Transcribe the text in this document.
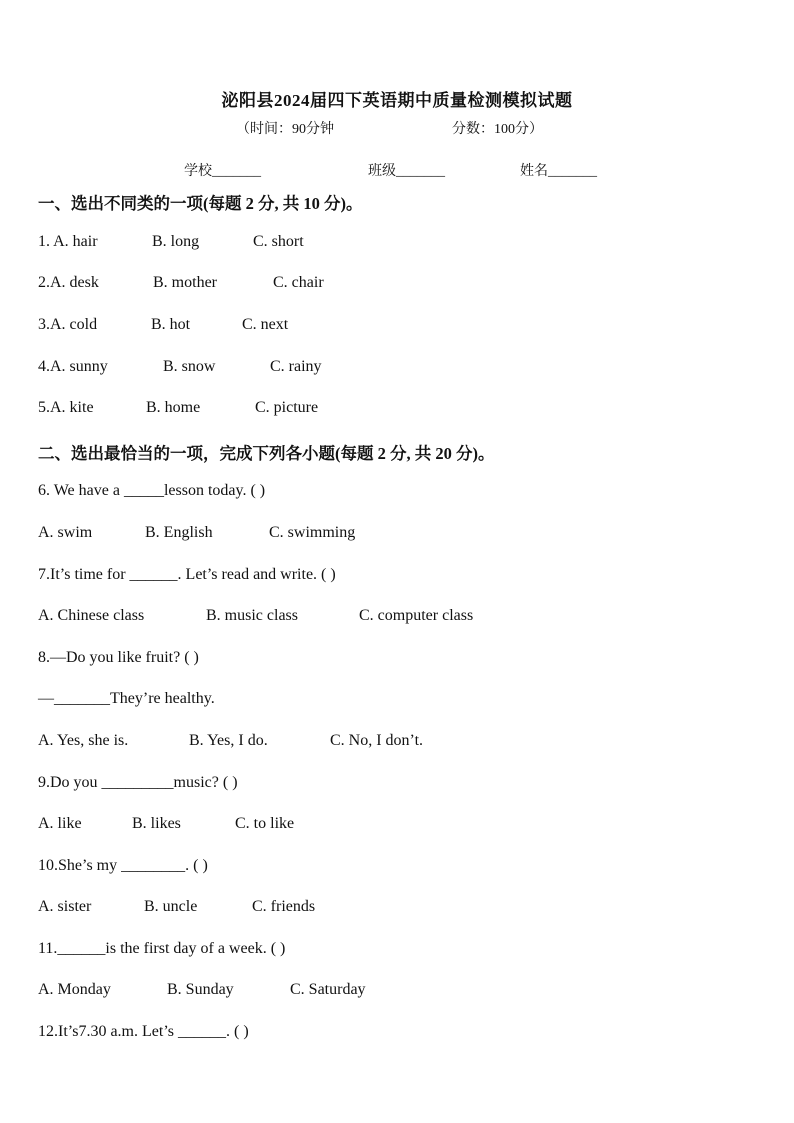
泌阳县2024届四下英语期中质量检测模拟试题
（时间：90分钟	分数：100分）
学校_______	班级_______	姓名_______
一、选出不同类的一项(每题 2 分, 共 10 分)。
1. A. hair	B. long	C. short
2.A. desk	B. mother	C. chair
3.A. cold	B. hot	C. next
4.A. sunny	B. snow	C. rainy
5.A. kite	B. home	C. picture
二、选出最恰当的一项，完成下列各小题(每题 2 分, 共 20 分)。
6. We have a _____lesson today. ( )
A. swim	B. English	C. swimming
7.It’s time for ______. Let’s read and write. ( )
A. Chinese class	B. music class	C. computer class
8.—Do you like fruit? ( )
—_______They’re healthy.
A. Yes, she is.	B. Yes, I do.	C. No, I don’t.
9.Do you _________music? ( )
A. like	B. likes	C. to like
10.She’s my ________. ( )
A. sister	B. uncle	C. friends
11.______is the first day of a week. ( )
A. Monday	B. Sunday	C. Saturday
12.It’s7.30 a.m. Let’s ______. ( )
